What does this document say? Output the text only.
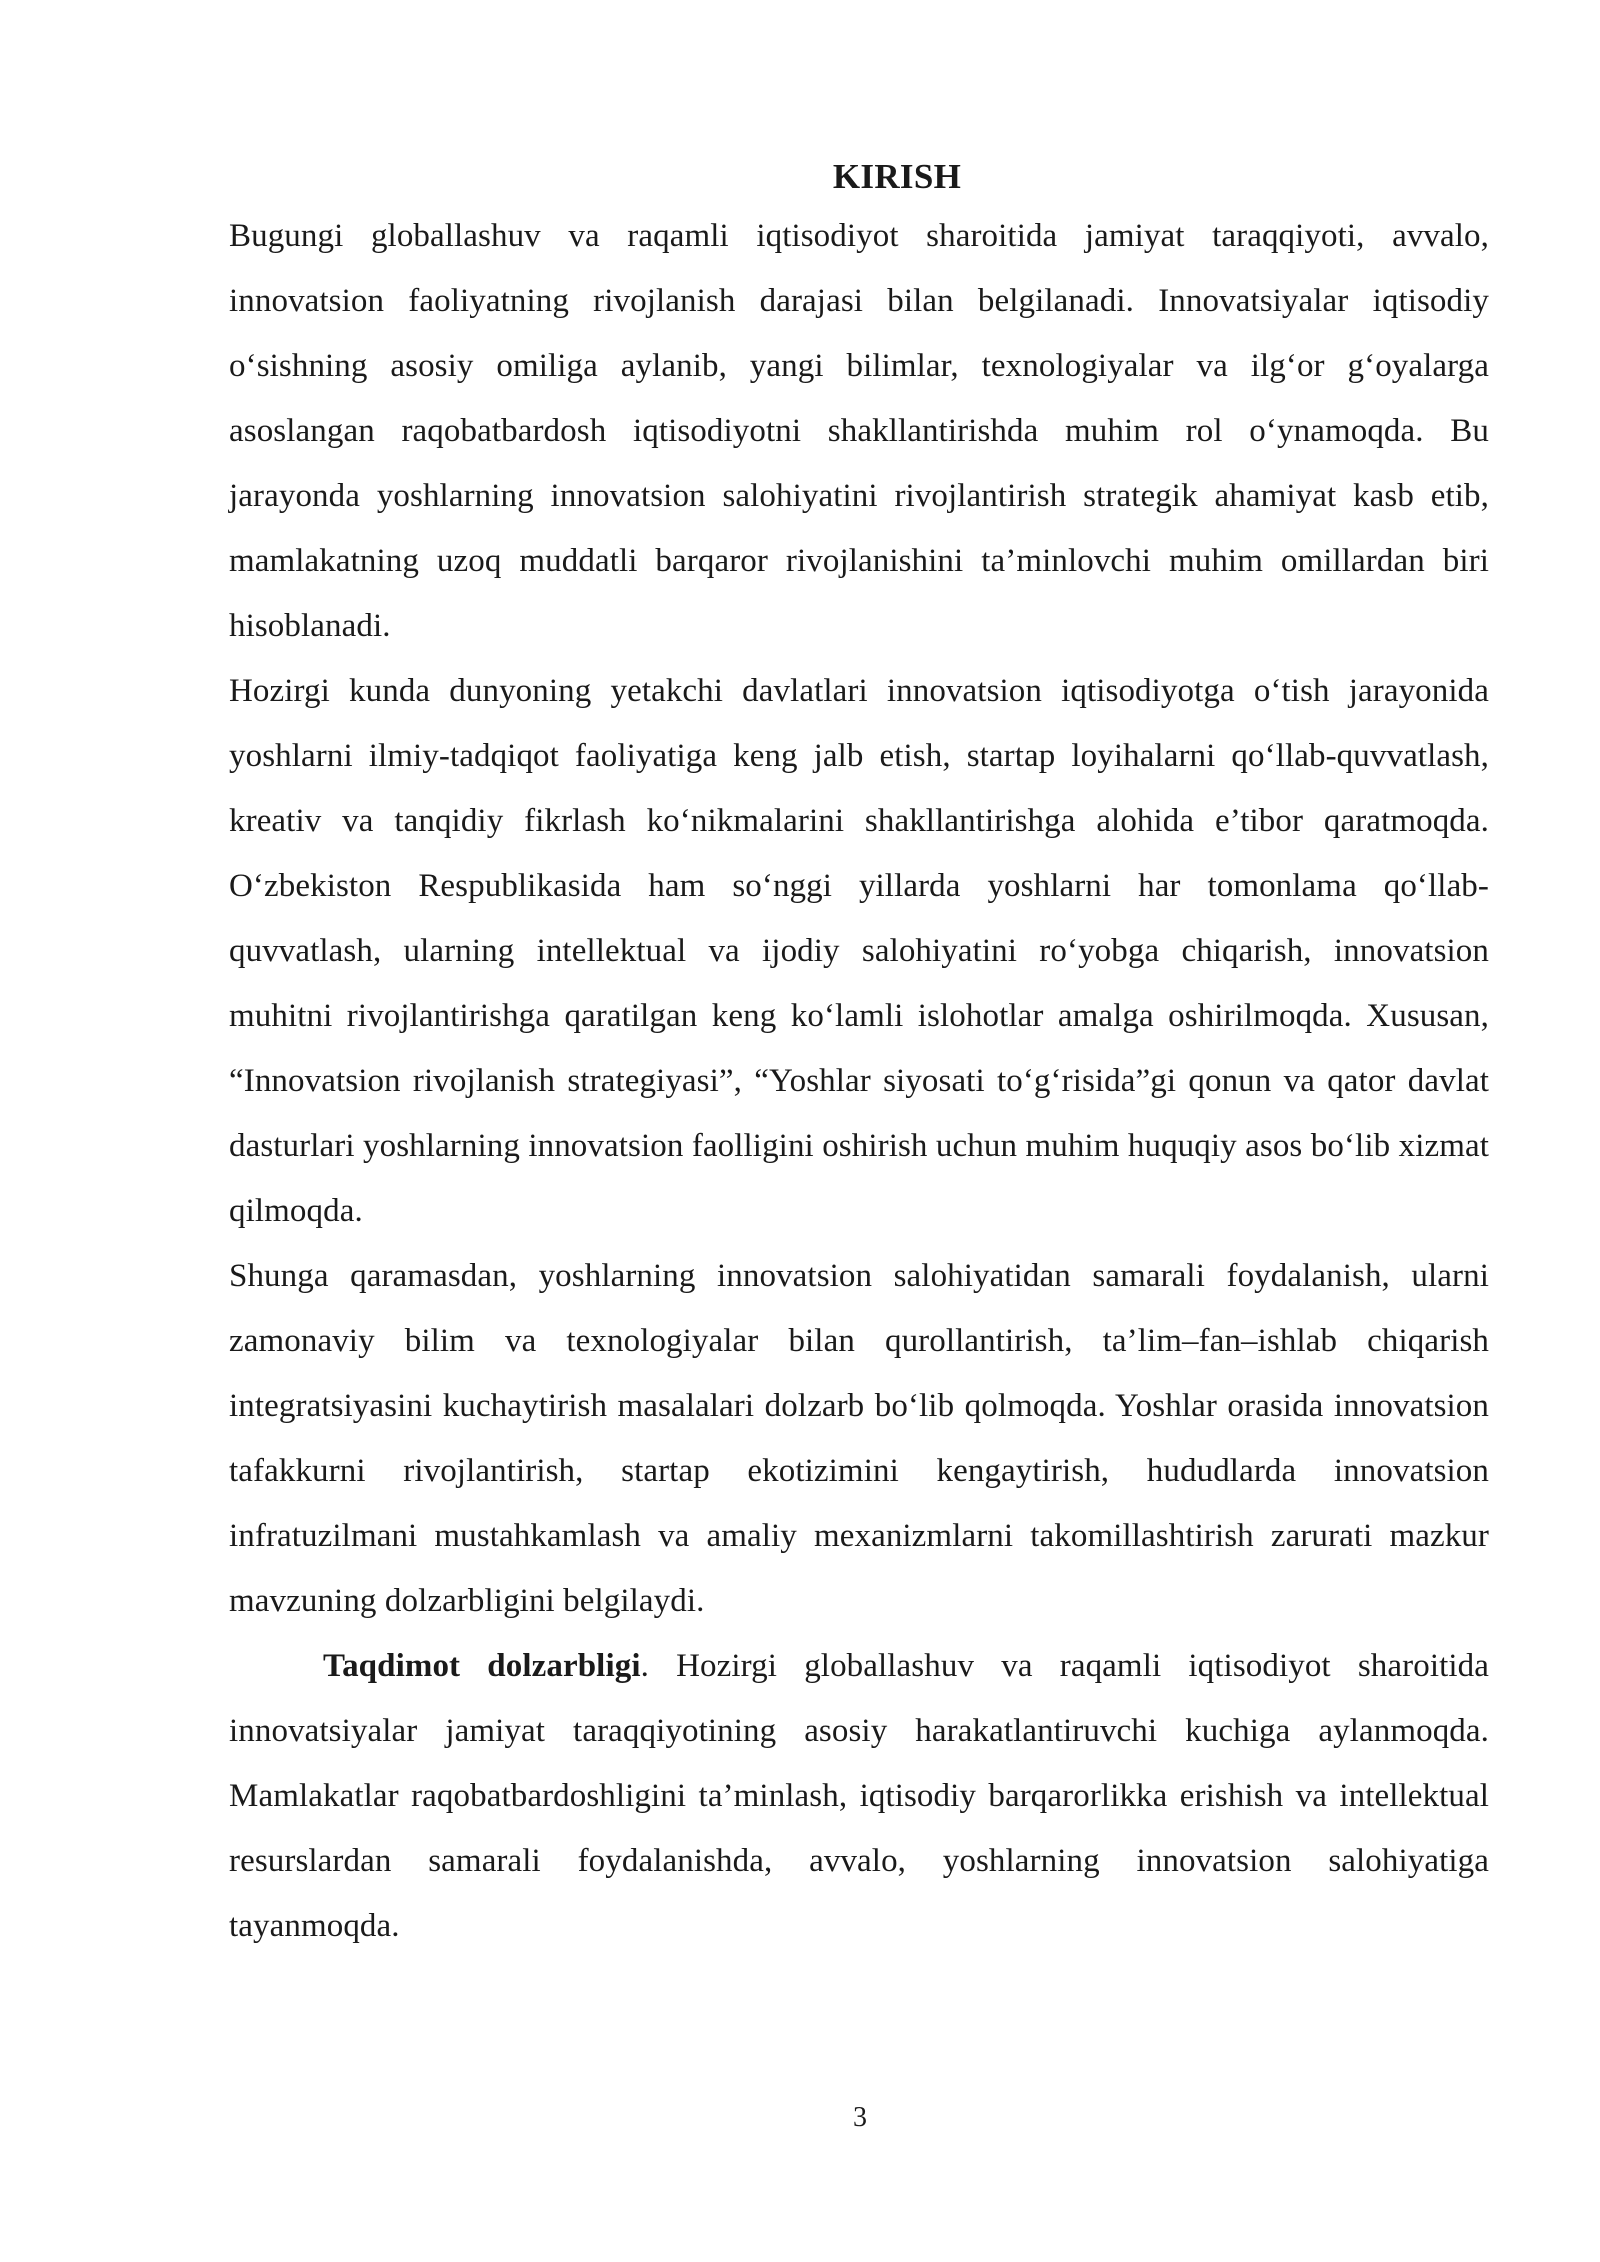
KIRISH

Bugungi globallashuv va raqamli iqtisodiyot sharoitida jamiyat taraqqiyoti, avvalo, innovatsion faoliyatning rivojlanish darajasi bilan belgilanadi. Innovatsiyalar iqtisodiy o‘sishning asosiy omiliga aylanib, yangi bilimlar, texnologiyalar va ilg‘or g‘oyalarga asoslangan raqobatbardosh iqtisodiyotni shakllantirishda muhim rol o‘ynamoqda. Bu jarayonda yoshlarning innovatsion salohiyatini rivojlantirish strategik ahamiyat kasb etib, mamlakatning uzoq muddatli barqaror rivojlanishini ta’minlovchi muhim omillardan biri hisoblanadi.

Hozirgi kunda dunyoning yetakchi davlatlari innovatsion iqtisodiyotga o‘tish jarayonida yoshlarni ilmiy-tadqiqot faoliyatiga keng jalb etish, startap loyihalarni qo‘llab-quvvatlash, kreativ va tanqidiy fikrlash ko‘nikmalarini shakllantirishga alohida e’tibor qaratmoqda. O‘zbekiston Respublikasida ham so‘nggi yillarda yoshlarni har tomonlama qo‘llab-quvvatlash, ularning intellektual va ijodiy salohiyatini ro‘yobga chiqarish, innovatsion muhitni rivojlantirishga qaratilgan keng ko‘lamli islohotlar amalga oshirilmoqda. Xususan, “Innovatsion rivojlanish strategiyasi”, “Yoshlar siyosati to‘g‘risida”gi qonun va qator davlat dasturlari yoshlarning innovatsion faolligini oshirish uchun muhim huquqiy asos bo‘lib xizmat qilmoqda.

Shunga qaramasdan, yoshlarning innovatsion salohiyatidan samarali foydalanish, ularni zamonaviy bilim va texnologiyalar bilan qurollantirish, ta’lim–fan–ishlab chiqarish integratsiyasini kuchaytirish masalalari dolzarb bo‘lib qolmoqda. Yoshlar orasida innovatsion tafakkurni rivojlantirish, startap ekotizimini kengaytirish, hududlarda innovatsion infratuzilmani mustahkamlash va amaliy mexanizmlarni takomillashtirish zarurati mazkur mavzuning dolzarbligini belgilaydi.

Taqdimot dolzarbligi. Hozirgi globallashuv va raqamli iqtisodiyot sharoitida innovatsiyalar jamiyat taraqqiyotining asosiy harakatlantiruvchi kuchiga aylanmoqda. Mamlakatlar raqobatbardoshligini ta’minlash, iqtisodiy barqarorlikka erishish va intellektual resurslardan samarali foydalanishda, avvalo, yoshlarning innovatsion salohiyatiga tayanmoqda.

3
